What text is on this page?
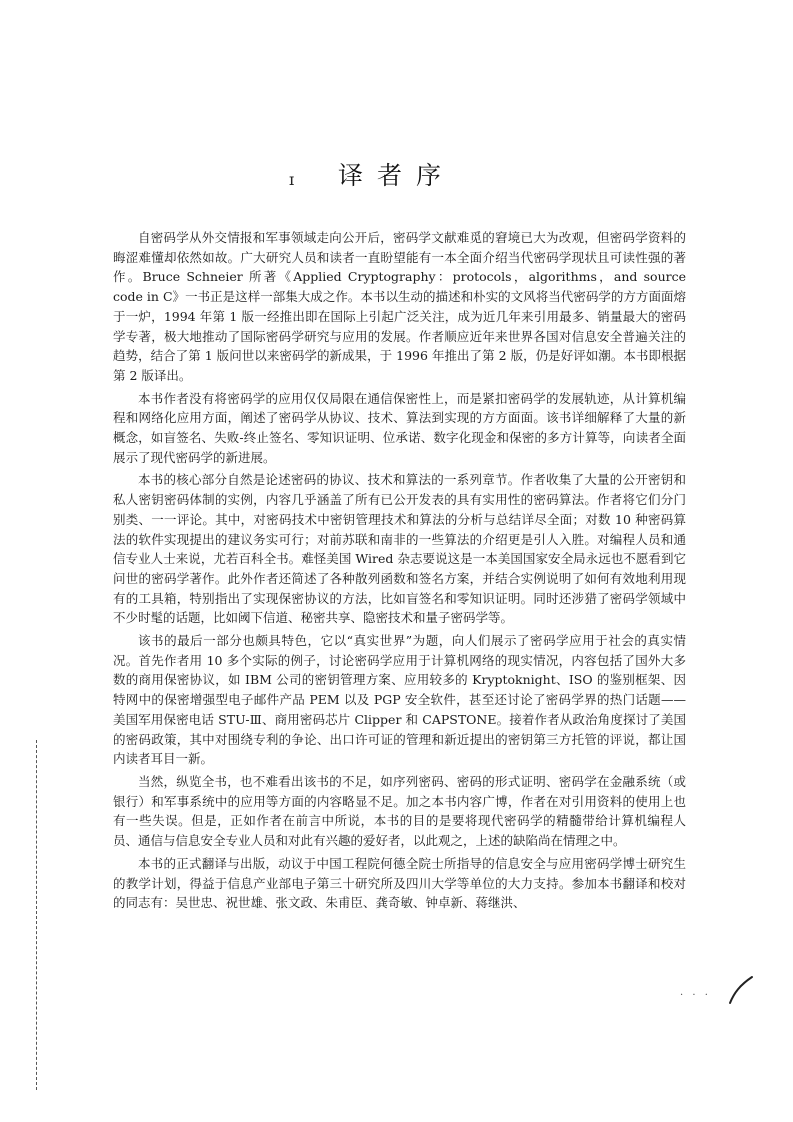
ɪ	译者序

自密码学从外交情报和军事领域走向公开后，密码学文献难觅的窘境已大为改观，但密码学资料的晦涩难懂却依然如故。广大研究人员和读者一直盼望能有一本全面介绍当代密码学现状且可读性强的著作。Bruce Schneier 所著《Applied Cryptography：protocols，algorithms，and source code in C》一书正是这样一部集大成之作。本书以生动的描述和朴实的文风将当代密码学的方方面面熔于一炉，1994 年第 1 版一经推出即在国际上引起广泛关注，成为近几年来引用最多、销量最大的密码学专著，极大地推动了国际密码学研究与应用的发展。作者顺应近年来世界各国对信息安全普遍关注的趋势，结合了第 1 版问世以来密码学的新成果，于 1996 年推出了第 2 版，仍是好评如潮。本书即根据第 2 版译出。

本书作者没有将密码学的应用仅仅局限在通信保密性上，而是紧扣密码学的发展轨迹，从计算机编程和网络化应用方面，阐述了密码学从协议、技术、算法到实现的方方面面。该书详细解释了大量的新概念，如盲签名、失败-终止签名、零知识证明、位承诺、数字化现金和保密的多方计算等，向读者全面展示了现代密码学的新进展。

本书的核心部分自然是论述密码的协议、技术和算法的一系列章节。作者收集了大量的公开密钥和私人密钥密码体制的实例，内容几乎涵盖了所有已公开发表的具有实用性的密码算法。作者将它们分门别类、一一评论。其中，对密码技术中密钥管理技术和算法的分析与总结详尽全面；对数 10 种密码算法的软件实现提出的建议务实可行；对前苏联和南非的一些算法的介绍更是引人入胜。对编程人员和通信专业人士来说，尤若百科全书。难怪美国 Wired 杂志要说这是一本美国国家安全局永远也不愿看到它问世的密码学著作。此外作者还简述了各种散列函数和签名方案，并结合实例说明了如何有效地利用现有的工具箱，特别指出了实现保密协议的方法，比如盲签名和零知识证明。同时还涉猎了密码学领域中不少时髦的话题，比如阈下信道、秘密共享、隐密技术和量子密码学等。

该书的最后一部分也颇具特色，它以“真实世界”为题，向人们展示了密码学应用于社会的真实情况。首先作者用 10 多个实际的例子，讨论密码学应用于计算机网络的现实情况，内容包括了国外大多数的商用保密协议，如 IBM 公司的密钥管理方案、应用较多的 Kryptoknight、ISO 的鉴别框架、因特网中的保密增强型电子邮件产品 PEM 以及 PGP 安全软件，甚至还讨论了密码学界的热门话题——美国军用保密电话 STU-Ⅲ、商用密码芯片 Clipper 和 CAPSTONE。接着作者从政治角度探讨了美国的密码政策，其中对围绕专利的争论、出口许可证的管理和新近提出的密钥第三方托管的评说，都让国内读者耳目一新。

当然，纵览全书，也不难看出该书的不足，如序列密码、密码的形式证明、密码学在金融系统（或银行）和军事系统中的应用等方面的内容略显不足。加之本书内容广博，作者在对引用资料的使用上也有一些失误。但是，正如作者在前言中所说，本书的目的是要将现代密码学的精髓带给计算机编程人员、通信与信息安全专业人员和对此有兴趣的爱好者，以此观之，上述的缺陷尚在情理之中。

本书的正式翻译与出版，动议于中国工程院何德全院士所指导的信息安全与应用密码学博士研究生的教学计划，得益于信息产业部电子第三十研究所及四川大学等单位的大力支持。参加本书翻译和校对的同志有：吴世忠、祝世雄、张文政、朱甫臣、龚奇敏、钟卓新、蒋继洪、

· · ·
